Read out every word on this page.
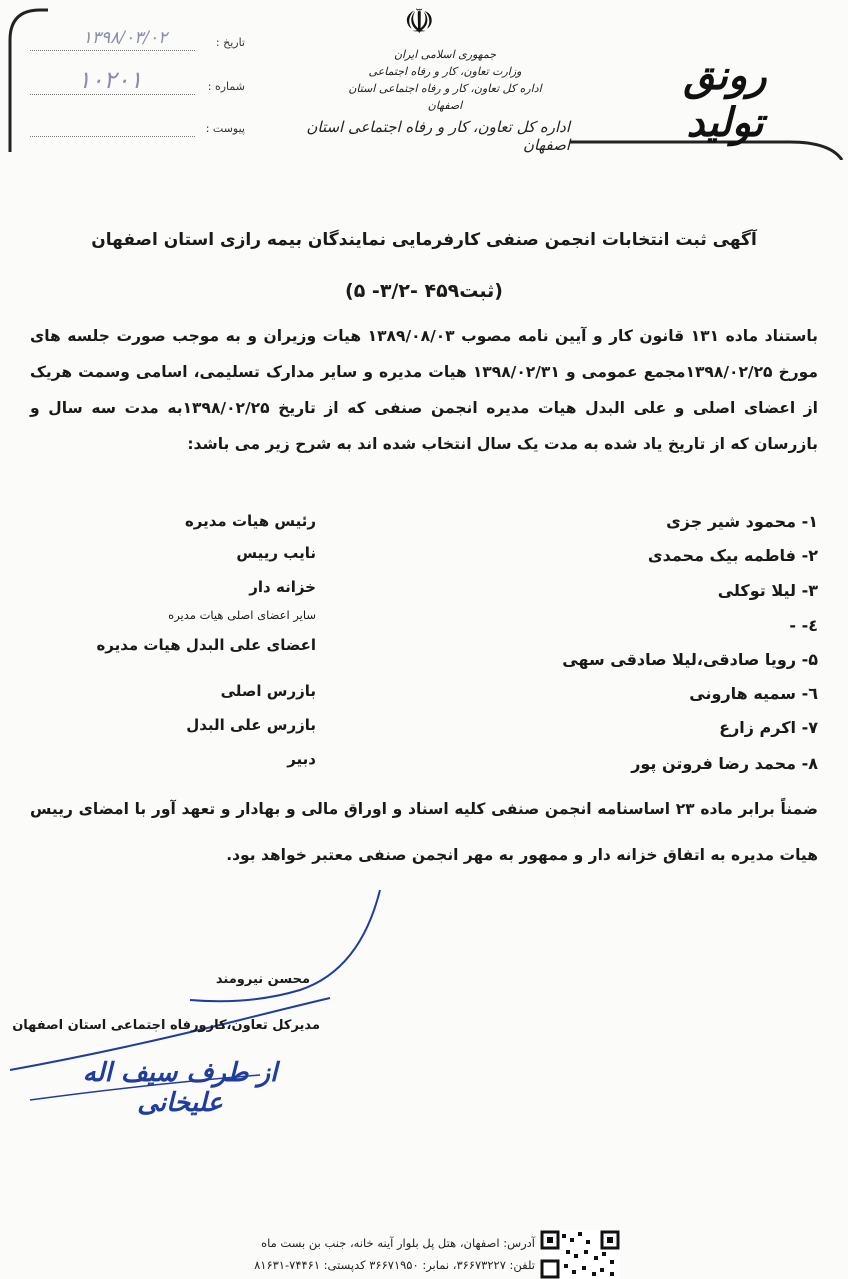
☫
جمهوری اسلامی ایران
وزارت تعاون، کار و رفاه اجتماعی
اداره کل تعاون، کار و رفاه اجتماعی استان اصفهان
اداره کل تعاون، کار و رفاه اجتماعی استان اصفهان
رونق تولید
تاریخ :
۱۳۹۸/۰۳/۰۲
شماره :
۱۰۲۰۱
پیوست :
آگهی ثبت انتخابات انجمن صنفی کارفرمایی نمایندگان بیمه رازی استان اصفهان
(ثبت۴۵۹ -۳/۲- ۵)
باستناد ماده ۱۳۱ قانون کار و آیین نامه مصوب ۱۳۸۹/۰۸/۰۳ هیات وزیران و به موجب صورت جلسه های مورخ ۱۳۹۸/۰۲/۲۵مجمع عمومی و ۱۳۹۸/۰۲/۳۱ هیات مدیره و سایر مدارک تسلیمی، اسامی وسمت هریک از اعضای اصلی و علی البدل هیات مدیره انجمن صنفی که از تاریخ ۱۳۹۸/۰۲/۲۵به مدت سه سال و بازرسان که از تاریخ یاد شده به مدت یک سال انتخاب شده اند به شرح زیر می باشد:
۱- محمود شیر جزی
رئیس هیات مدیره
۲- فاطمه بیک محمدی
نایب رییس
۳- لیلا توکلی
خزانه دار
٤- -
سایر اعضای اصلی هیات مدیره
۵- رویا صادقی،لیلا صادقی سهی
اعضای علی البدل هیات مدیره
٦- سمیه هارونی
بازرس اصلی
۷- اکرم زارع
بازرس علی البدل
۸- محمد رضا فروتن پور
دبیر
ضمناً برابر ماده ۲۳ اساسنامه انجمن صنفی کلیه اسناد و اوراق مالی و بهادار و تعهد آور با امضای رییس هیات مدیره به اتفاق خزانه دار و ممهور به مهر انجمن صنفی معتبر خواهد بود.
محسن نیرومند
مدیرکل تعاون،کارورفاه اجتماعی استان اصفهان
از طرف سیف اله علیخانی
آدرس: اصفهان، هتل پل بلوار آینه خانه، جنب بن بست ماه
تلفن: ۳۶۶۷۳۲۲۷، نمابر: ۳۶۶۷۱۹۵۰ کدپستی: ۷۴۴۶۱-۸۱۶۳۱
